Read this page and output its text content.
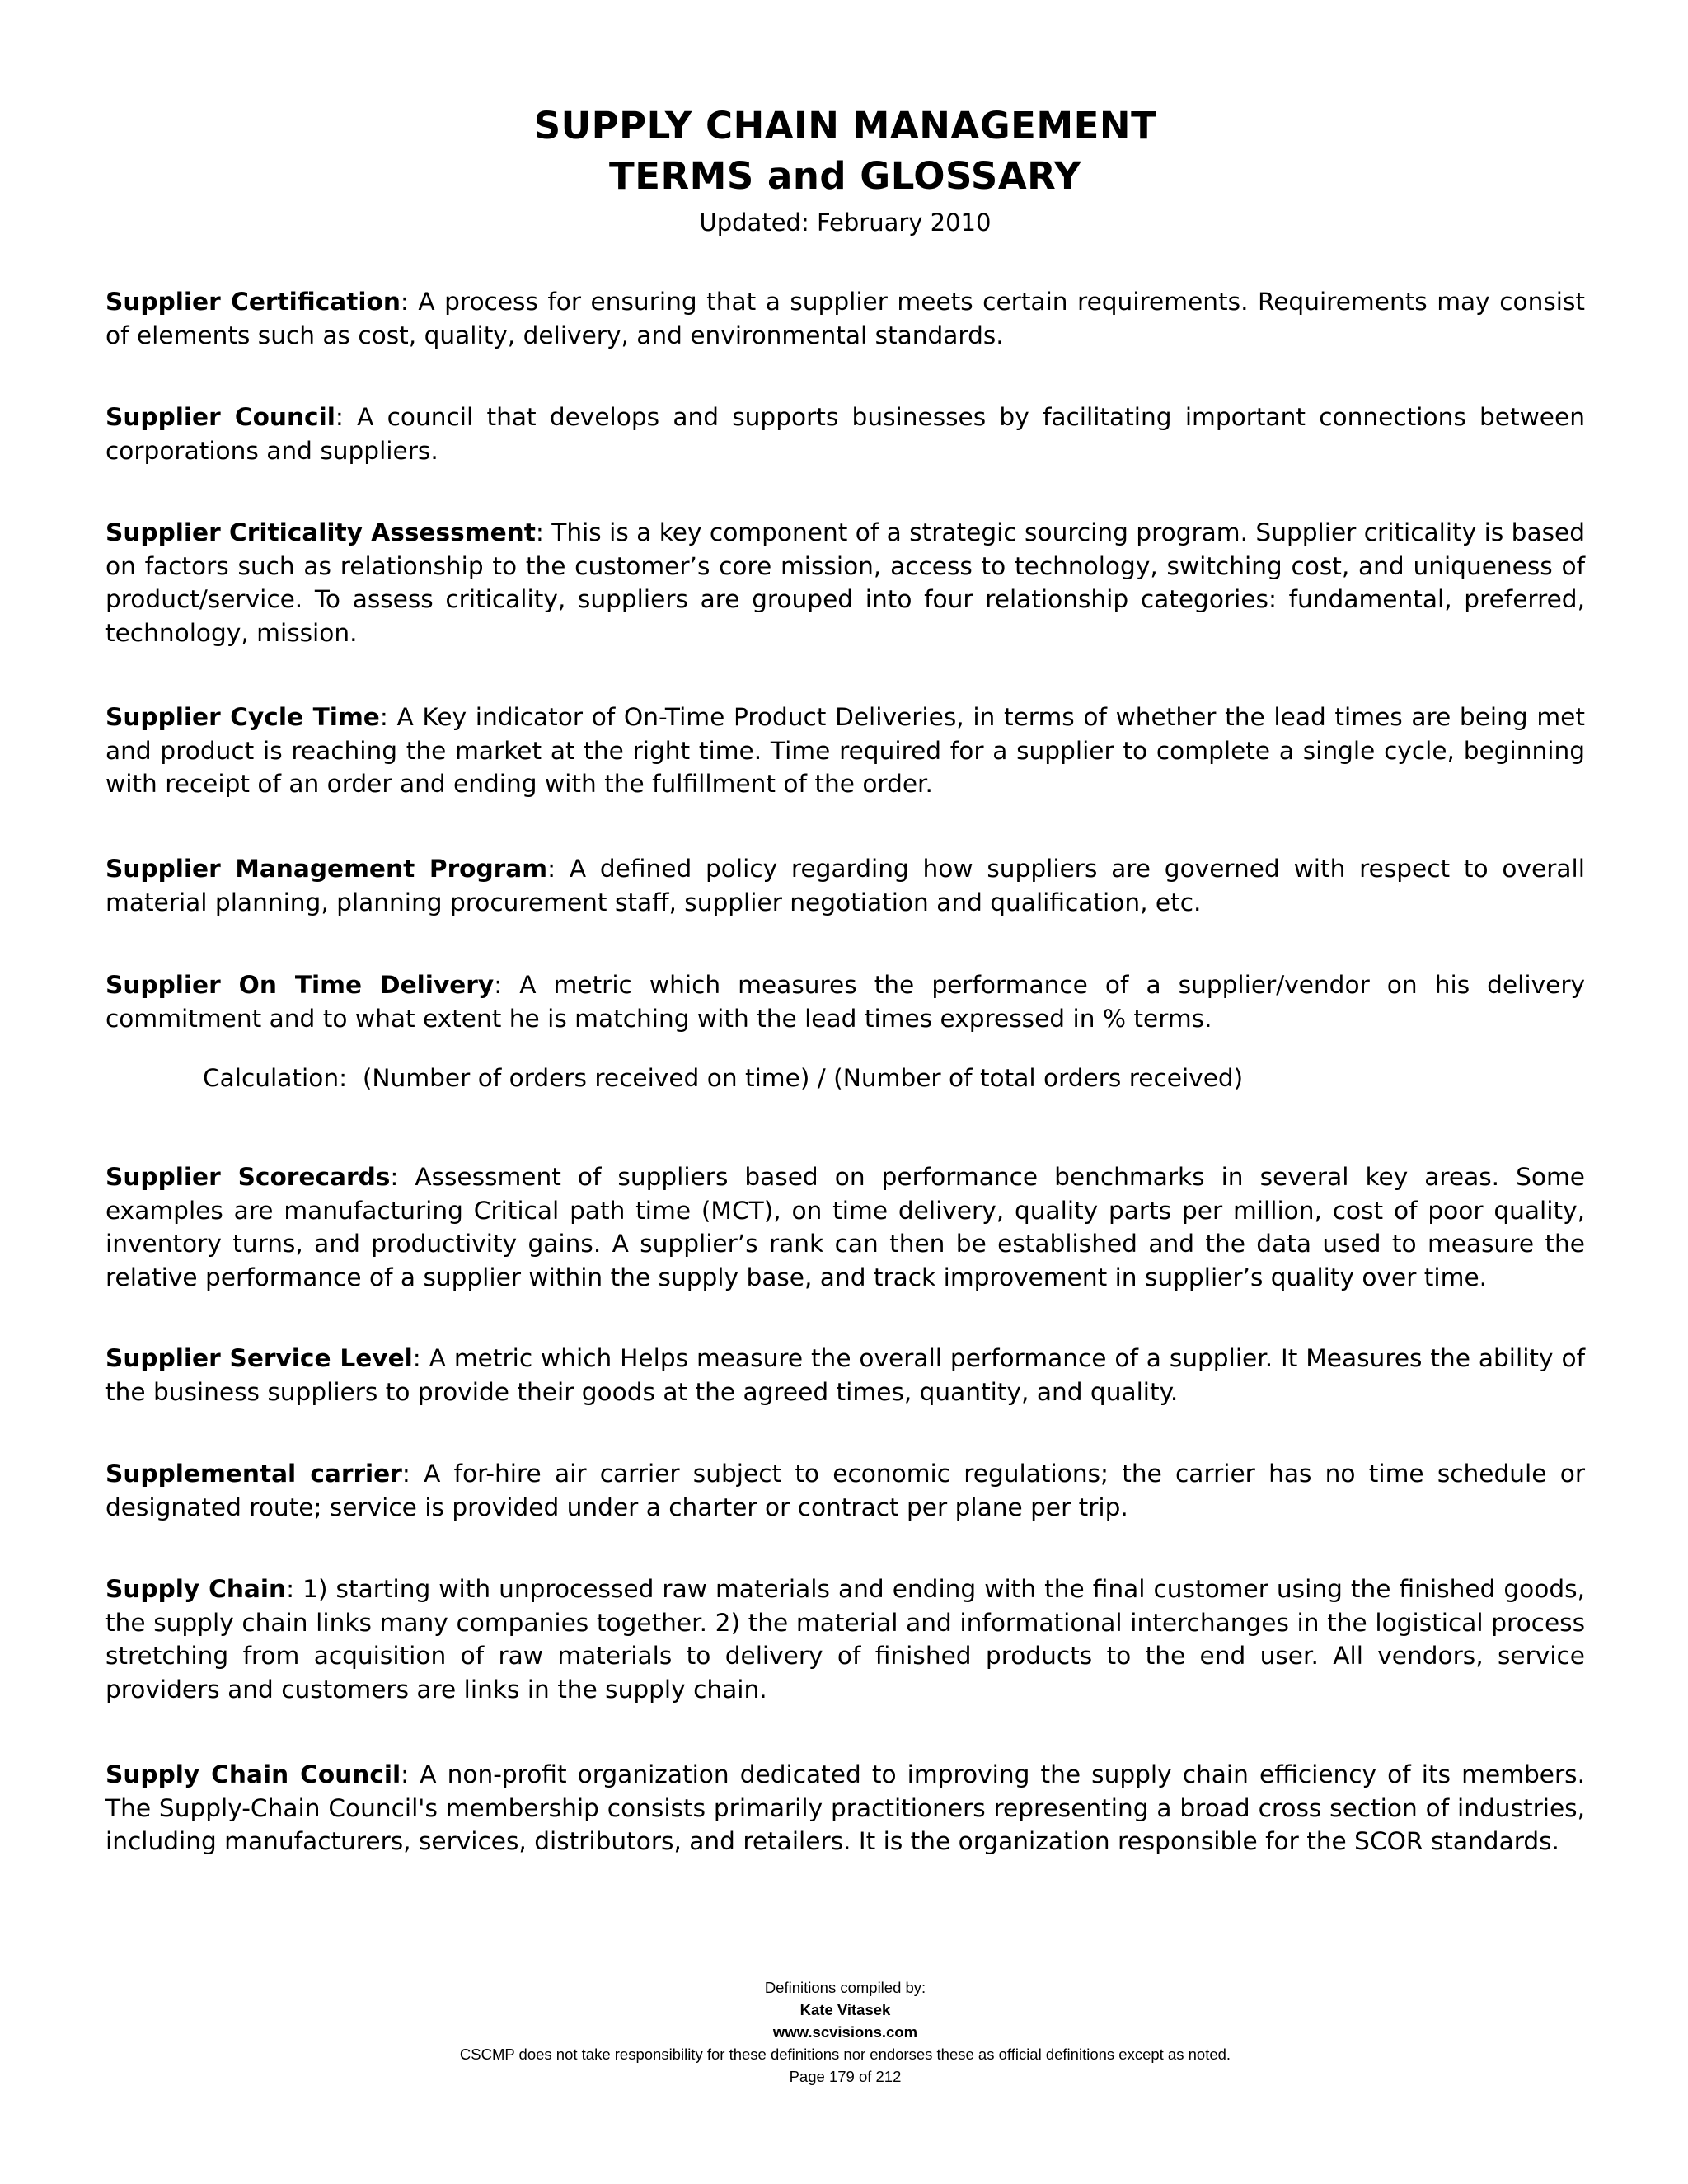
SUPPLY CHAIN MANAGEMENT
TERMS and GLOSSARY
Updated: February 2010
Supplier Certification: A process for ensuring that a supplier meets certain requirements. Requirements may consist of elements such as cost, quality, delivery, and environmental standards.
Supplier Council: A council that develops and supports businesses by facilitating important connections between corporations and suppliers.
Supplier Criticality Assessment: This is a key component of a strategic sourcing program. Supplier criticality is based on factors such as relationship to the customer’s core mission, access to technology, switching cost, and uniqueness of product/service. To assess criticality, suppliers are grouped into four relationship categories: fundamental, preferred, technology, mission.
Supplier Cycle Time: A Key indicator of On-Time Product Deliveries, in terms of whether the lead times are being met and product is reaching the market at the right time. Time required for a supplier to complete a single cycle, beginning with receipt of an order and ending with the fulfillment of the order.
Supplier Management Program: A defined policy regarding how suppliers are governed with respect to overall material planning, planning procurement staff, supplier negotiation and qualification, etc.
Supplier On Time Delivery: A metric which measures the performance of a supplier/vendor on his delivery commitment and to what extent he is matching with the lead times expressed in % terms.
Calculation:  (Number of orders received on time) / (Number of total orders received)
Supplier Scorecards: Assessment of suppliers based on performance benchmarks in several key areas. Some examples are manufacturing Critical path time (MCT), on time delivery, quality parts per million, cost of poor quality, inventory turns, and productivity gains. A supplier’s rank can then be established and the data used to measure the relative performance of a supplier within the supply base, and track improvement in supplier’s quality over time.
Supplier Service Level: A metric which Helps measure the overall performance of a supplier. It Measures the ability of the business suppliers to provide their goods at the agreed times, quantity, and quality.
Supplemental carrier: A for-hire air carrier subject to economic regulations; the carrier has no time schedule or designated route; service is provided under a charter or contract per plane per trip.
Supply Chain: 1) starting with unprocessed raw materials and ending with the final customer using the finished goods, the supply chain links many companies together. 2) the material and informational interchanges in the logistical process stretching from acquisition of raw materials to delivery of finished products to the end user. All vendors, service providers and customers are links in the supply chain.
Supply Chain Council: A non-profit organization dedicated to improving the supply chain efficiency of its members. The Supply-Chain Council's membership consists primarily practitioners representing a broad cross section of industries, including manufacturers, services, distributors, and retailers. It is the organization responsible for the SCOR standards.
Definitions compiled by:
Kate Vitasek
www.scvisions.com
CSCMP does not take responsibility for these definitions nor endorses these as official definitions except as noted.
Page 179 of 212
